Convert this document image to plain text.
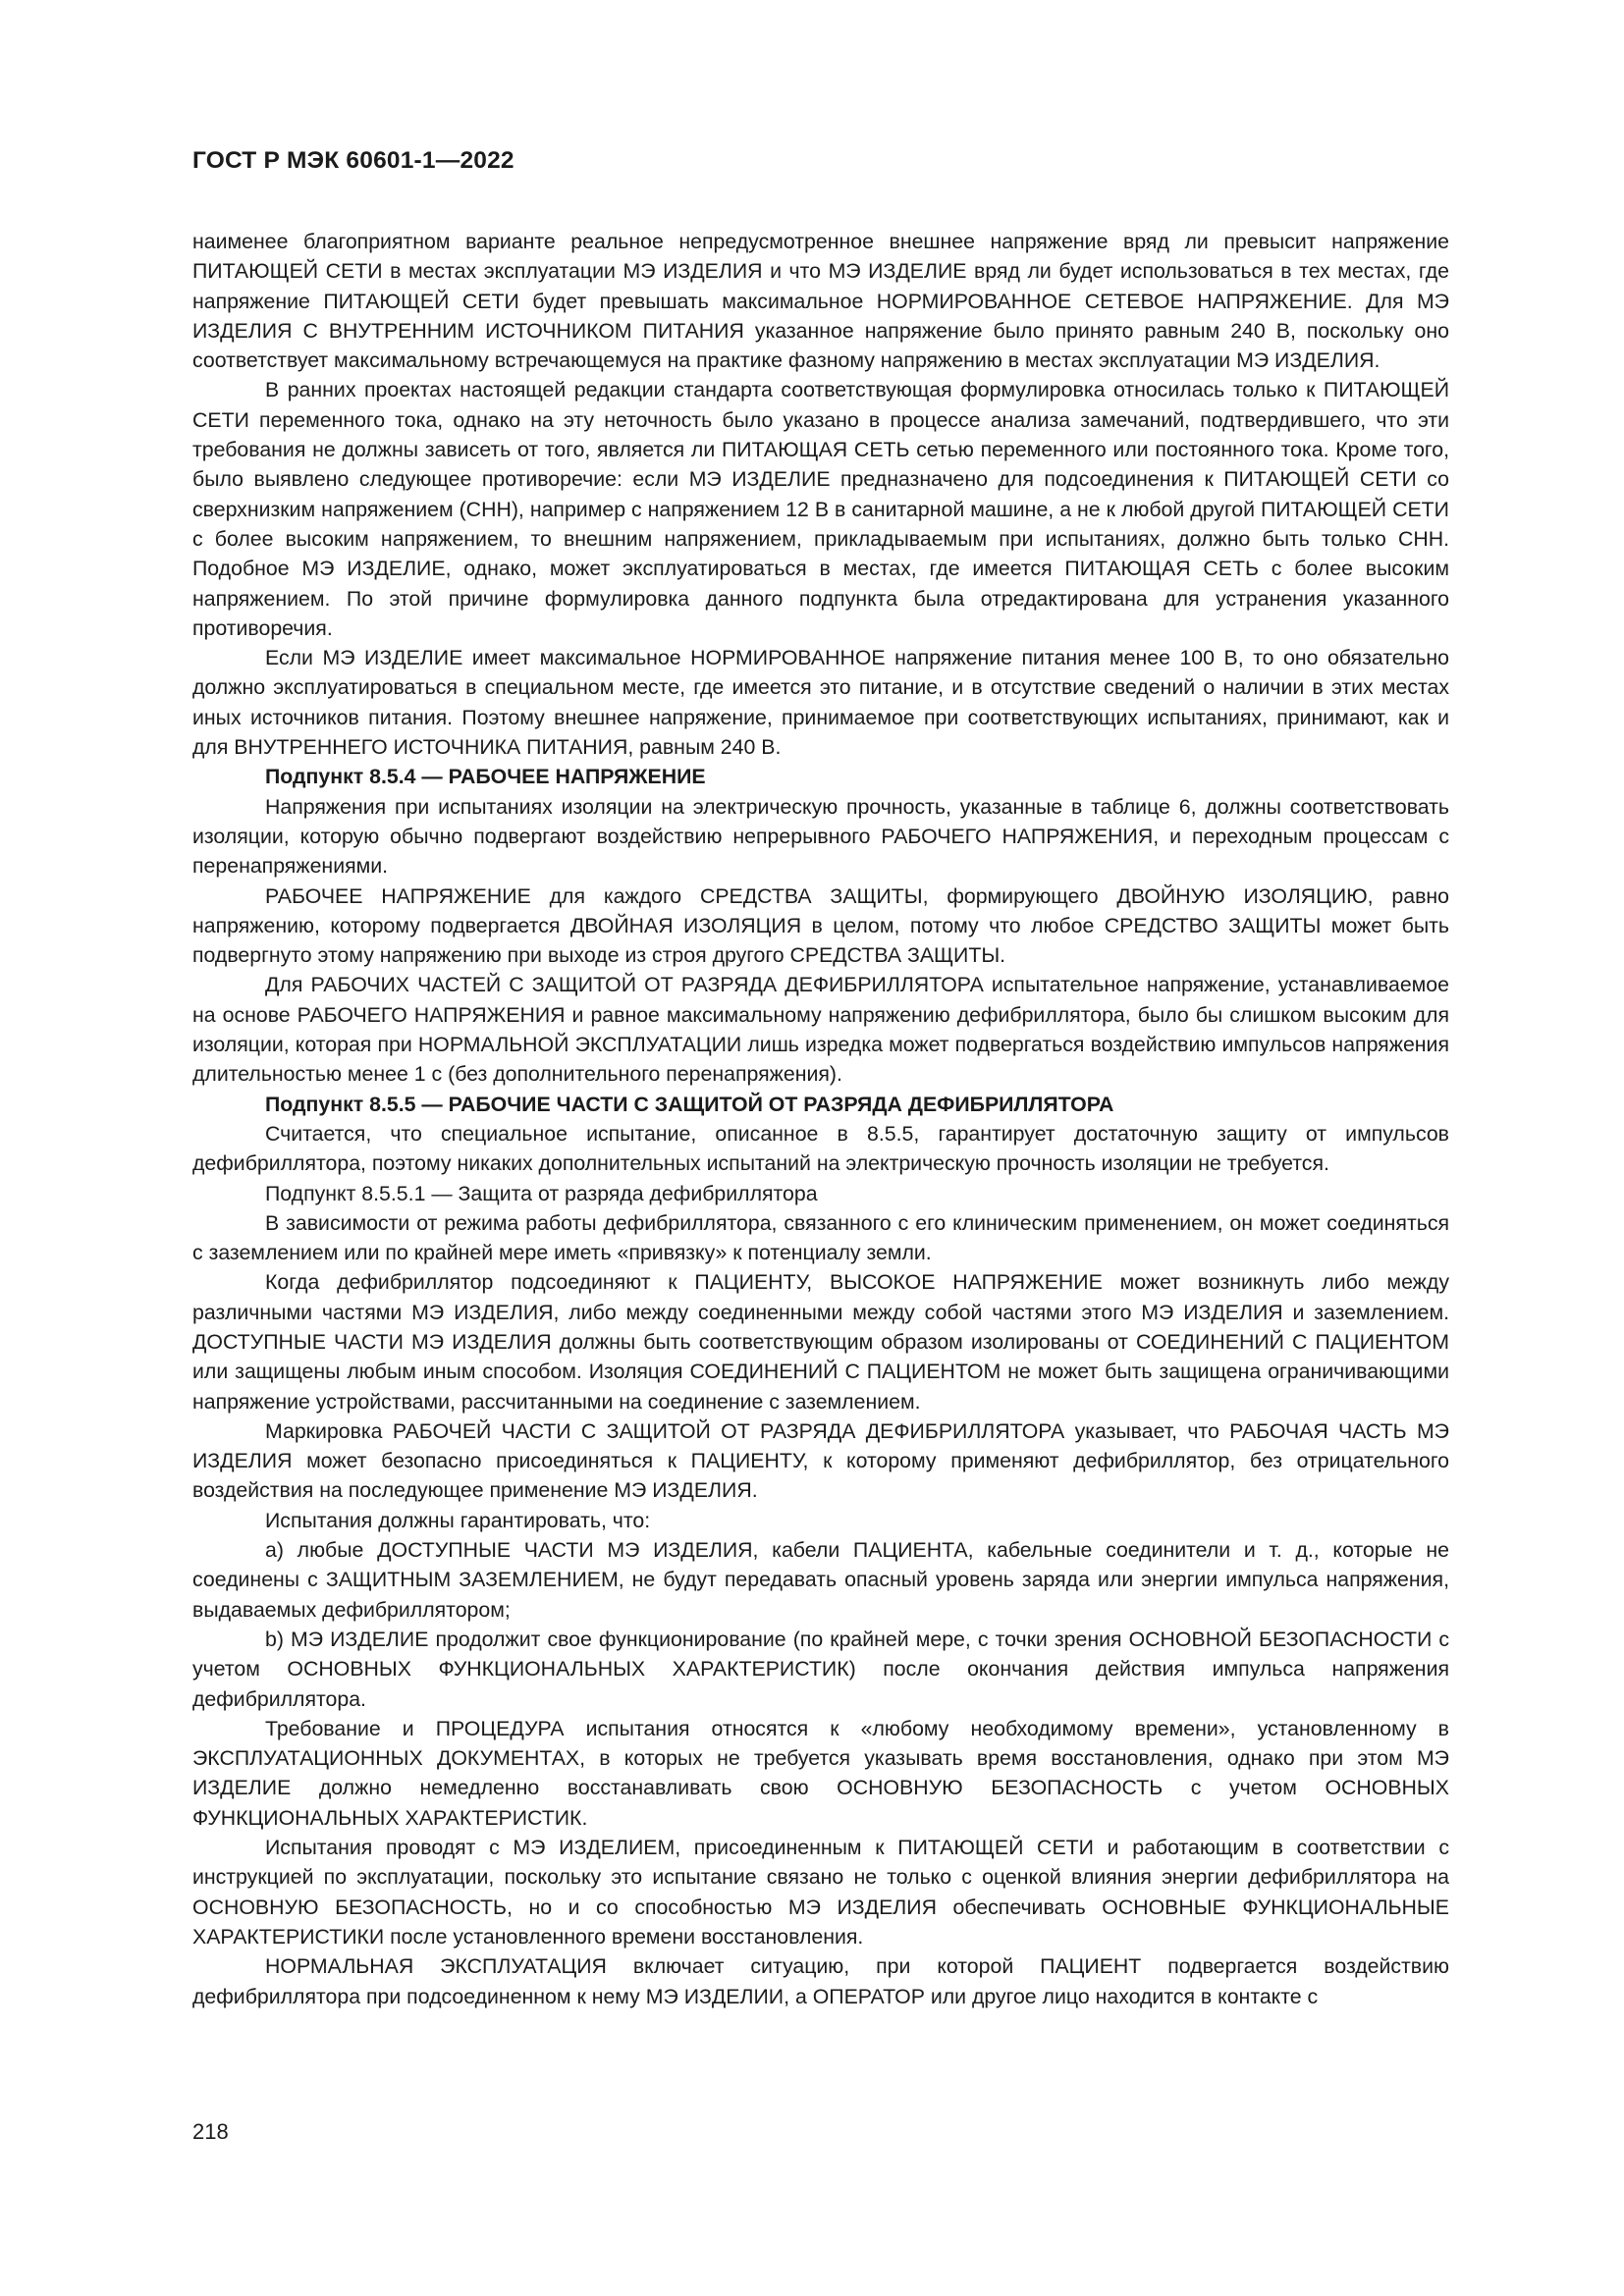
ГОСТ Р МЭК 60601-1—2022

наименее благоприятном варианте реальное непредусмотренное внешнее напряжение вряд ли превысит напряжение ПИТАЮЩЕЙ СЕТИ в местах эксплуатации МЭ ИЗДЕЛИЯ и что МЭ ИЗДЕЛИЕ вряд ли будет использоваться в тех местах, где напряжение ПИТАЮЩЕЙ СЕТИ будет превышать максимальное НОРМИРОВАННОЕ СЕТЕВОЕ НАПРЯЖЕНИЕ. Для МЭ ИЗДЕЛИЯ С ВНУТРЕННИМ ИСТОЧНИКОМ ПИТАНИЯ указанное напряжение было принято равным 240 В, поскольку оно соответствует максимальному встречающемуся на практике фазному напряжению в местах эксплуатации МЭ ИЗДЕЛИЯ.

В ранних проектах настоящей редакции стандарта соответствующая формулировка относилась только к ПИТАЮЩЕЙ СЕТИ переменного тока, однако на эту неточность было указано в процессе анализа замечаний, подтвердившего, что эти требования не должны зависеть от того, является ли ПИТАЮЩАЯ СЕТЬ сетью переменного или постоянного тока. Кроме того, было выявлено следующее противоречие: если МЭ ИЗДЕЛИЕ предназначено для подсоединения к ПИТАЮЩЕЙ СЕТИ со сверхнизким напряжением (СНН), например с напряжением 12 В в санитарной машине, а не к любой другой ПИТАЮЩЕЙ СЕТИ с более высоким напряжением, то внешним напряжением, прикладываемым при испытаниях, должно быть только СНН. Подобное МЭ ИЗДЕЛИЕ, однако, может эксплуатироваться в местах, где имеется ПИТАЮЩАЯ СЕТЬ с более высоким напряжением. По этой причине формулировка данного подпункта была отредактирована для устранения указанного противоречия.

Если МЭ ИЗДЕЛИЕ имеет максимальное НОРМИРОВАННОЕ напряжение питания менее 100 В, то оно обязательно должно эксплуатироваться в специальном месте, где имеется это питание, и в отсутствие сведений о наличии в этих местах иных источников питания. Поэтому внешнее напряжение, принимаемое при соответствующих испытаниях, принимают, как и для ВНУТРЕННЕГО ИСТОЧНИКА ПИТАНИЯ, равным 240 В.

Подпункт 8.5.4 — РАБОЧЕЕ НАПРЯЖЕНИЕ

Напряжения при испытаниях изоляции на электрическую прочность, указанные в таблице 6, должны соответствовать изоляции, которую обычно подвергают воздействию непрерывного РАБОЧЕГО НАПРЯЖЕНИЯ, и переходным процессам с перенапряжениями.

РАБОЧЕЕ НАПРЯЖЕНИЕ для каждого СРЕДСТВА ЗАЩИТЫ, формирующего ДВОЙНУЮ ИЗОЛЯЦИЮ, равно напряжению, которому подвергается ДВОЙНАЯ ИЗОЛЯЦИЯ в целом, потому что любое СРЕДСТВО ЗАЩИТЫ может быть подвергнуто этому напряжению при выходе из строя другого СРЕДСТВА ЗАЩИТЫ.

Для РАБОЧИХ ЧАСТЕЙ С ЗАЩИТОЙ ОТ РАЗРЯДА ДЕФИБРИЛЛЯТОРА испытательное напряжение, устанавливаемое на основе РАБОЧЕГО НАПРЯЖЕНИЯ и равное максимальному напряжению дефибриллятора, было бы слишком высоким для изоляции, которая при НОРМАЛЬНОЙ ЭКСПЛУАТАЦИИ лишь изредка может подвергаться воздействию импульсов напряжения длительностью менее 1 с (без дополнительного перенапряжения).

Подпункт 8.5.5 — РАБОЧИЕ ЧАСТИ С ЗАЩИТОЙ ОТ РАЗРЯДА ДЕФИБРИЛЛЯТОРА

Считается, что специальное испытание, описанное в 8.5.5, гарантирует достаточную защиту от импульсов дефибриллятора, поэтому никаких дополнительных испытаний на электрическую прочность изоляции не требуется.

Подпункт 8.5.5.1 — Защита от разряда дефибриллятора

В зависимости от режима работы дефибриллятора, связанного с его клиническим применением, он может соединяться с заземлением или по крайней мере иметь «привязку» к потенциалу земли.

Когда дефибриллятор подсоединяют к ПАЦИЕНТУ, ВЫСОКОЕ НАПРЯЖЕНИЕ может возникнуть либо между различными частями МЭ ИЗДЕЛИЯ, либо между соединенными между собой частями этого МЭ ИЗДЕЛИЯ и заземлением. ДОСТУПНЫЕ ЧАСТИ МЭ ИЗДЕЛИЯ должны быть соответствующим образом изолированы от СОЕДИНЕНИЙ С ПАЦИЕНТОМ или защищены любым иным способом. Изоляция СОЕДИНЕНИЙ С ПАЦИЕНТОМ не может быть защищена ограничивающими напряжение устройствами, рассчитанными на соединение с заземлением.

Маркировка РАБОЧЕЙ ЧАСТИ С ЗАЩИТОЙ ОТ РАЗРЯДА ДЕФИБРИЛЛЯТОРА указывает, что РАБОЧАЯ ЧАСТЬ МЭ ИЗДЕЛИЯ может безопасно присоединяться к ПАЦИЕНТУ, к которому применяют дефибриллятор, без отрицательного воздействия на последующее применение МЭ ИЗДЕЛИЯ.

Испытания должны гарантировать, что:

а) любые ДОСТУПНЫЕ ЧАСТИ МЭ ИЗДЕЛИЯ, кабели ПАЦИЕНТА, кабельные соединители и т. д., которые не соединены с ЗАЩИТНЫМ ЗАЗЕМЛЕНИЕМ, не будут передавать опасный уровень заряда или энергии импульса напряжения, выдаваемых дефибриллятором;

b) МЭ ИЗДЕЛИЕ продолжит свое функционирование (по крайней мере, с точки зрения ОСНОВНОЙ БЕЗОПАСНОСТИ с учетом ОСНОВНЫХ ФУНКЦИОНАЛЬНЫХ ХАРАКТЕРИСТИК) после окончания действия импульса напряжения дефибриллятора.

Требование и ПРОЦЕДУРА испытания относятся к «любому необходимому времени», установленному в ЭКСПЛУАТАЦИОННЫХ ДОКУМЕНТАХ, в которых не требуется указывать время восстановления, однако при этом МЭ ИЗДЕЛИЕ должно немедленно восстанавливать свою ОСНОВНУЮ БЕЗОПАСНОСТЬ с учетом ОСНОВНЫХ ФУНКЦИОНАЛЬНЫХ ХАРАКТЕРИСТИК.

Испытания проводят с МЭ ИЗДЕЛИЕМ, присоединенным к ПИТАЮЩЕЙ СЕТИ и работающим в соответствии с инструкцией по эксплуатации, поскольку это испытание связано не только с оценкой влияния энергии дефибриллятора на ОСНОВНУЮ БЕЗОПАСНОСТЬ, но и со способностью МЭ ИЗДЕЛИЯ обеспечивать ОСНОВНЫЕ ФУНКЦИОНАЛЬНЫЕ ХАРАКТЕРИСТИКИ после установленного времени восстановления.

НОРМАЛЬНАЯ ЭКСПЛУАТАЦИЯ включает ситуацию, при которой ПАЦИЕНТ подвергается воздействию дефибриллятора при подсоединенном к нему МЭ ИЗДЕЛИИ, а ОПЕРАТОР или другое лицо находится в контакте с

218
